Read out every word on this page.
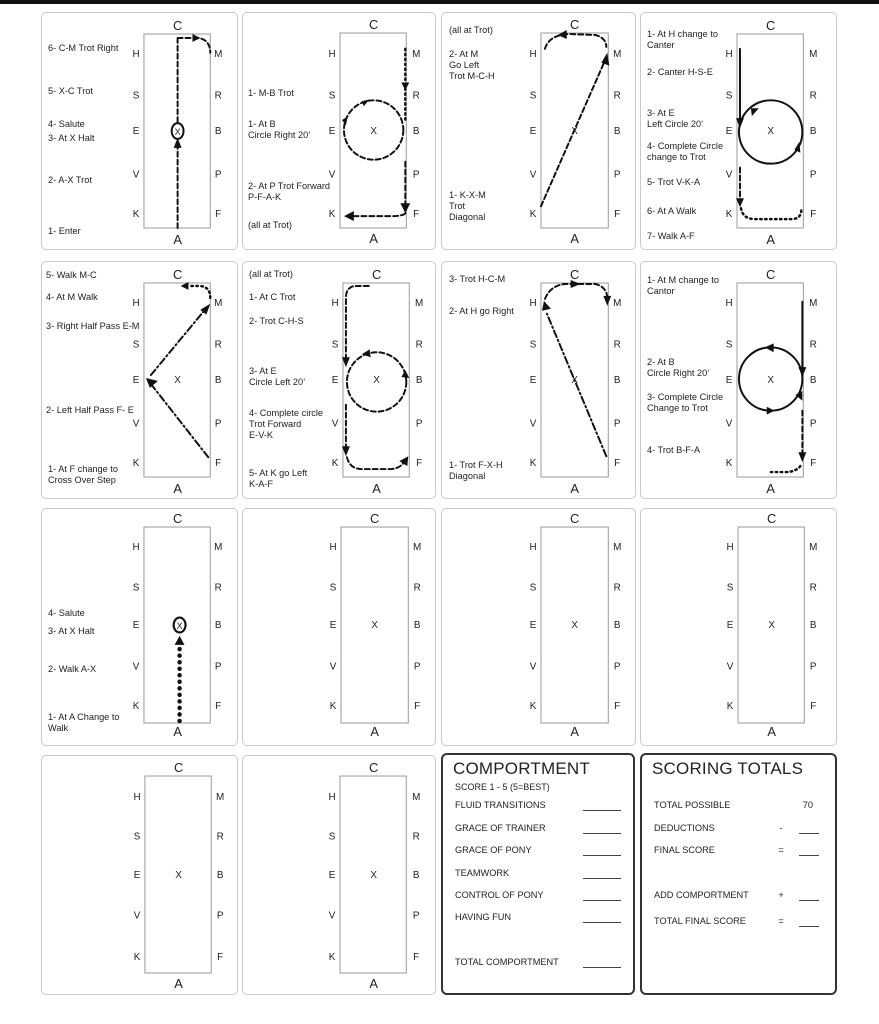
C
A
H
S
E
V
K
M
R
B
P
F
X
6- C-M Trot Right
5- X-C Trot
4- Salute
3- At X Halt
2- A-X Trot
1- Enter
C
A
H
S
E
V
K
M
R
B
P
F
X
1- M-B Trot
1- At B
Circle Right 20’
2- At P Trot Forward
P-F-A-K
(all at Trot)
C
A
H
S
E
V
K
M
R
B
P
F
X
(all at Trot)
2- At M
Go Left
Trot M-C-H
1- K-X-M
Trot
Diagonal
C
A
H
S
E
V
K
M
R
B
P
F
X
1- At H change to
Canter
2- Canter H-S-E
3- At E
Left Circle 20’
4- Complete Circle
change to Trot
5- Trot V-K-A
6- At A Walk
7- Walk A-F
C
A
H
S
E
V
K
M
R
B
P
F
X
5- Walk M-C
4- At M Walk
3- Right Half Pass E-M
2- Left Half Pass F- E
1- At F change to
Cross Over Step
C
A
H
S
E
V
K
M
R
B
P
F
X
(all at Trot)
1- At C Trot
2- Trot C-H-S
3- At E
Circle Left 20’
4- Complete circle
Trot Forward
E-V-K
5- At K go Left
K-A-F
C
A
H
S
E
V
K
M
R
B
P
F
X
3- Trot H-C-M
2- At H go Right
1- Trot F-X-H
Diagonal
C
A
H
S
E
V
K
M
R
B
P
F
X
1- At M change to
Cantor
2- At B
Circle Right 20’
3- Complete Circle
Change to Trot
4- Trot B-F-A
C
A
H
S
E
V
K
M
R
B
P
F
X
4- Salute
3- At X Halt
2- Walk A-X
1- At A Change to
Walk
C
A
H
S
E
V
K
M
R
B
P
F
X
C
A
H
S
E
V
K
M
R
B
P
F
X
C
A
H
S
E
V
K
M
R
B
P
F
X
C
A
H
S
E
V
K
M
R
B
P
F
X
C
A
H
S
E
V
K
M
R
B
P
F
X
COMPORTMENT
SCORE 1 - 5 (5=BEST)
FLUID TRANSITIONS
GRACE OF TRAINER
GRACE OF PONY
TEAMWORK
CONTROL OF PONY
HAVING FUN
TOTAL COMPORTMENT
SCORING TOTALS
TOTAL POSSIBLE	70
DEDUCTIONS	-
FINAL SCORE	=
ADD COMPORTMENT	+
TOTAL FINAL SCORE	=
